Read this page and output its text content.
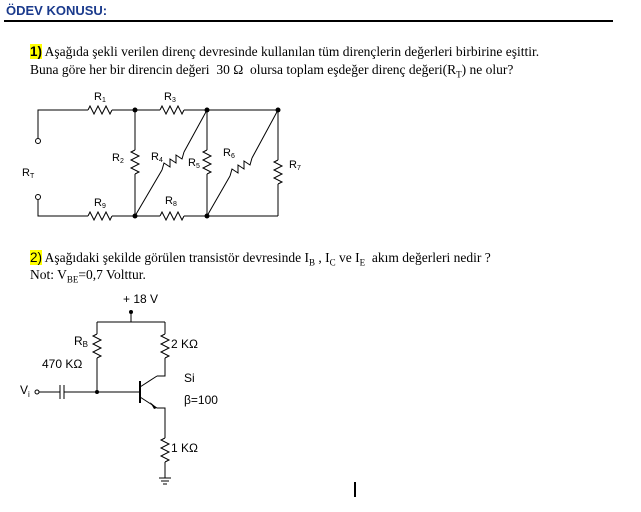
ÖDEV KONUSU:
1) Aşağıda şekli verilen direnç devresinde kullanılan tüm dirençlerin değerleri birbirine eşittir.
Buna göre her bir direncin değeri 30 Ω olursa toplam eşdeğer direnç $değeri(R_T)$ ne olur?
2) Aşağıdaki şekilde görülen transistör devresinde $I_B$ , $I_C$ ve $I_E$ akım değerleri nedir ?
Not: $V_{BE}=0,7$ Volttur.
R1	R3
R2 R4 R5
R6
R7
R8
R9
RT
+ 18 V
RB
470 KΩ
2 KΩ
Si
β=100
1 KΩ
$V_i$
